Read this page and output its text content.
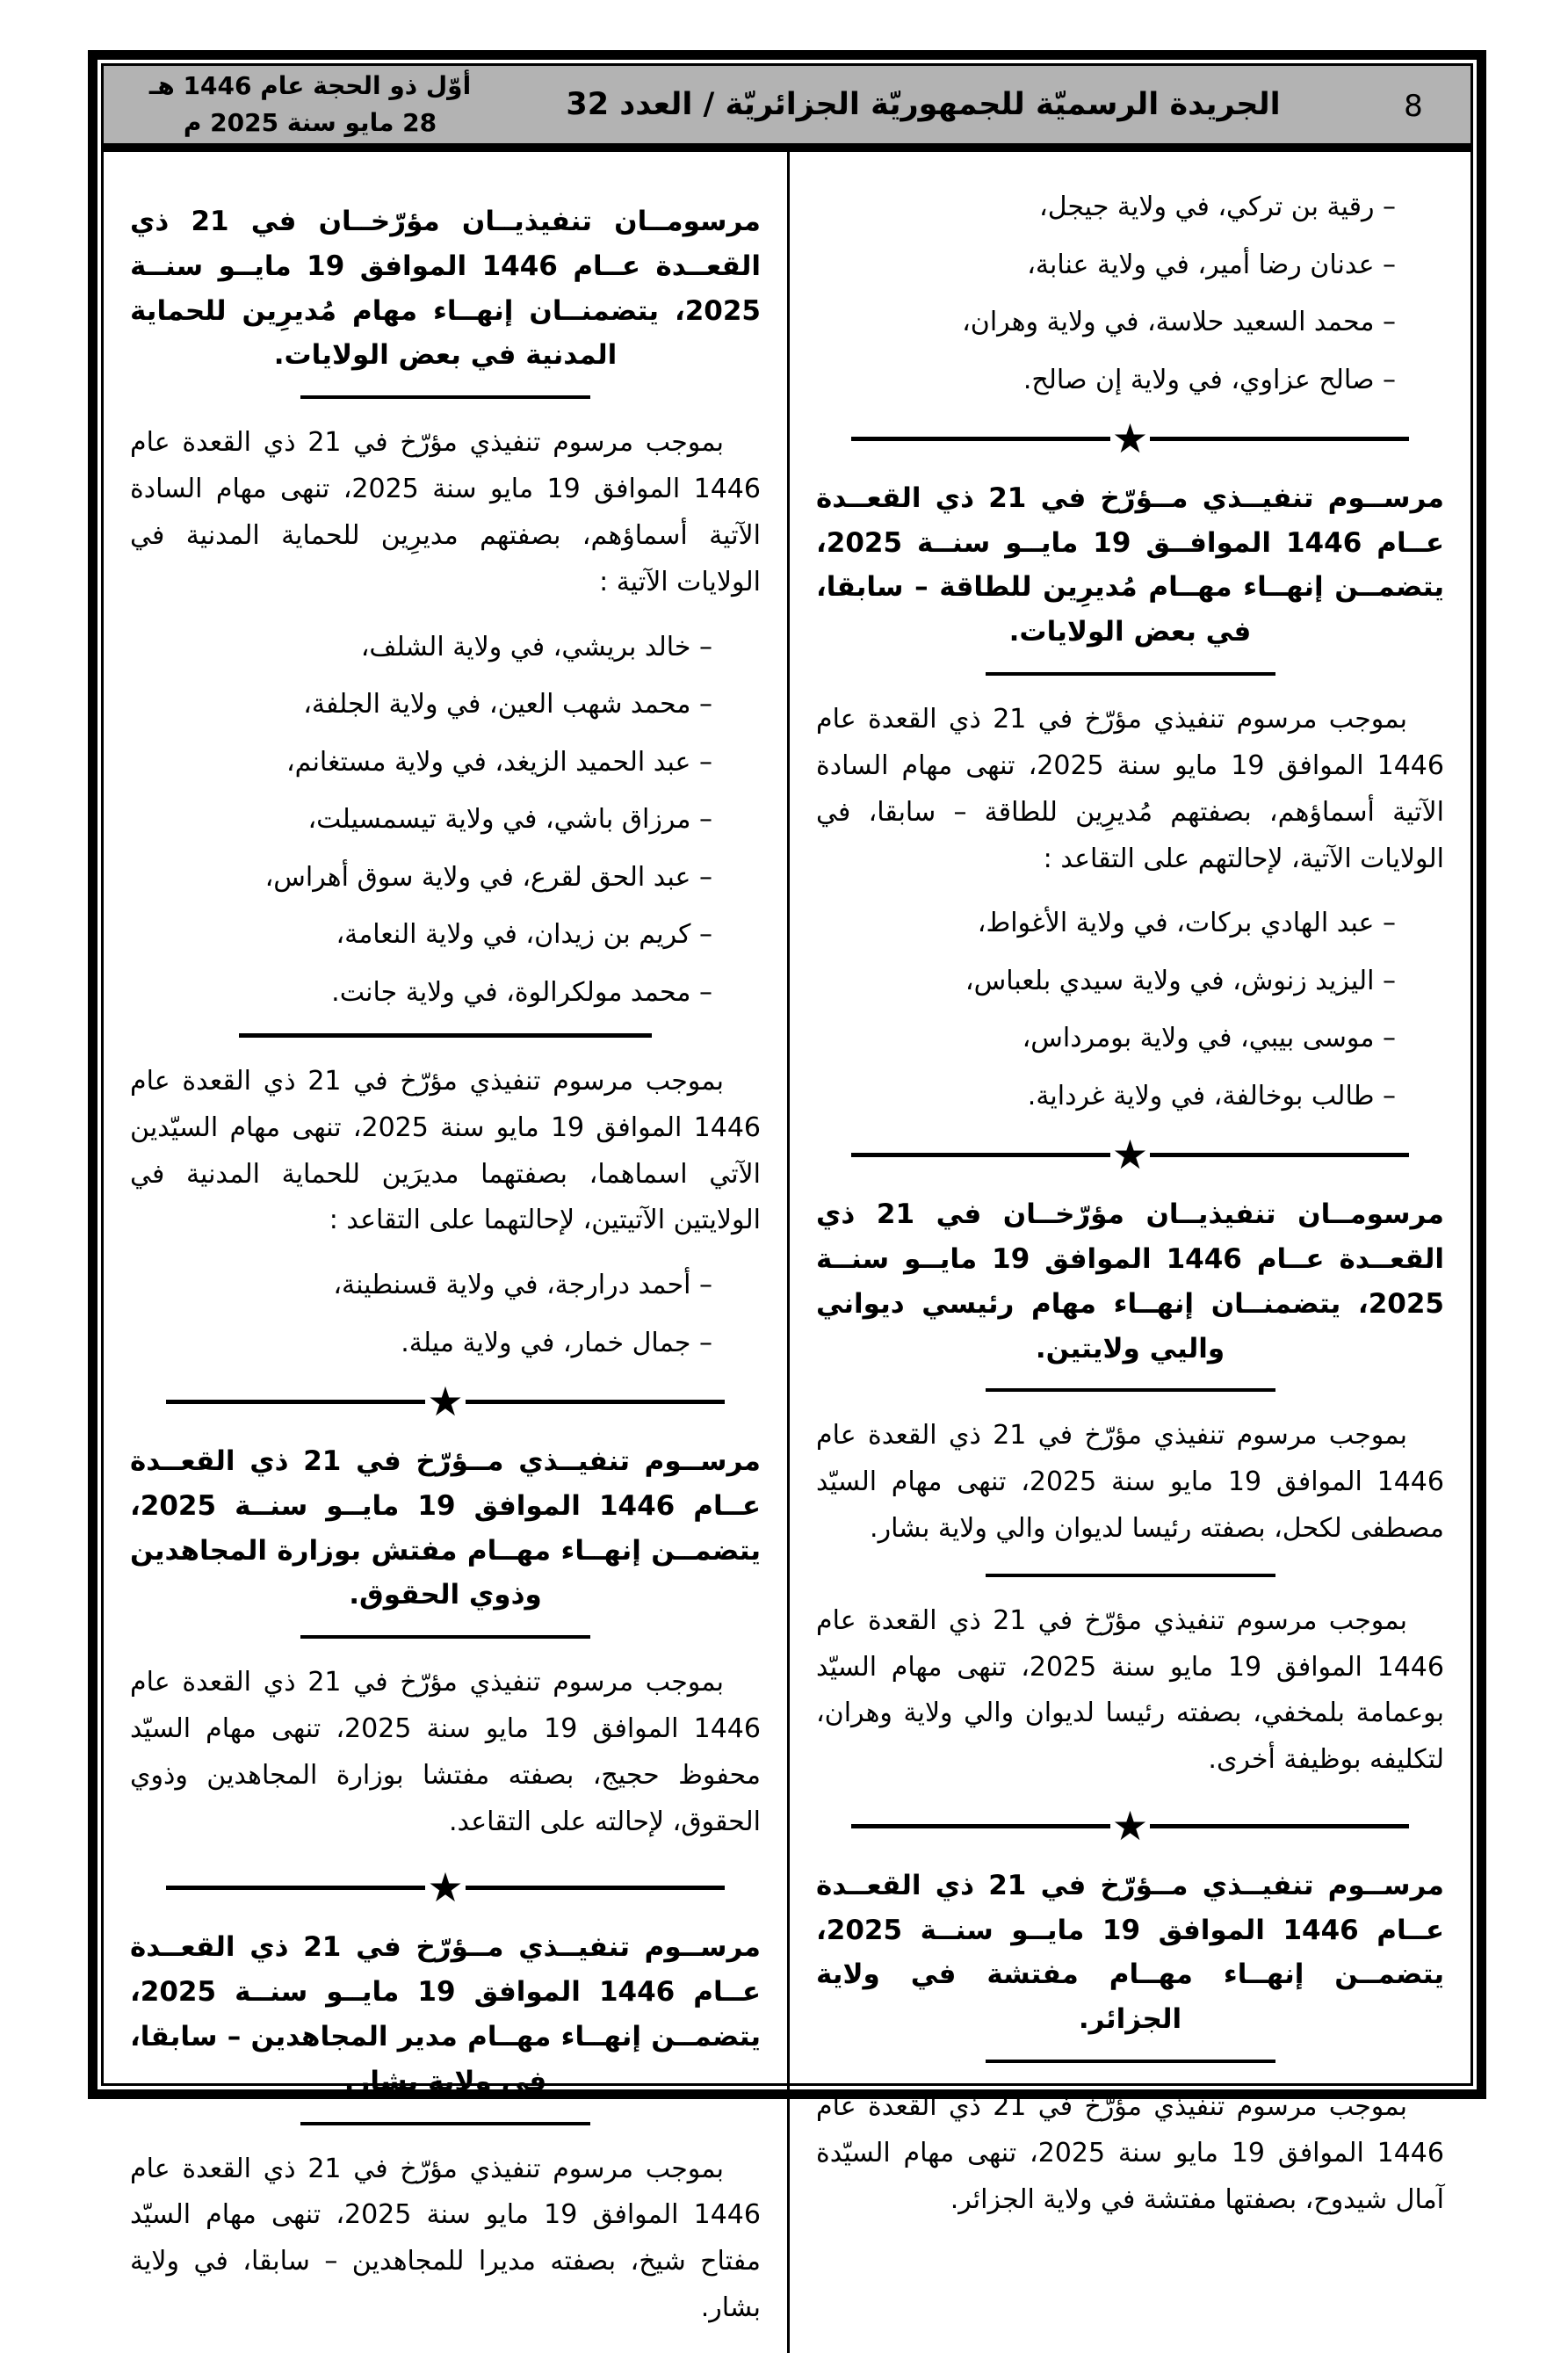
8
الجريدة الرسميّة للجمهوريّة الجزائريّة / العدد 32
أوّل ذو الحجة عام 1446 هـ
28 مايو سنة 2025 م
– رقية بن تركي، في ولاية جيجل،
– عدنان رضا أمير، في ولاية عنابة،
– محمد السعيد حلاسة، في ولاية وهران،
– صالح عزاوي، في ولاية إن صالح.
★
مرســوم تنفيــذي مــؤرّخ في 21 ذي القعــدة عــام 1446 الموافــق 19 مايــو سنــة 2025، يتضمــن إنهــاء مهــام مُديرِين للطاقة – سابقا، في بعض الولايات.

بموجب مرسوم تنفيذي مؤرّخ في 21 ذي القعدة عام 1446 الموافق 19 مايو سنة 2025، تنهى مهام السادة الآتية أسماؤهم، بصفتهم مُديرِين للطاقة – سابقا، في الولايات الآتية، لإحالتهم على التقاعد :

– عبد الهادي بركات، في ولاية الأغواط،
– اليزيد زنوش، في ولاية سيدي بلعباس،
– موسى بيبي، في ولاية بومرداس،
– طالب بوخالفة، في ولاية غرداية.
★
مرسومــان تنفيذيــان مؤرّخــان في 21 ذي القعــدة عــام 1446 الموافق 19 مايــو سنــة 2025، يتضمنــان إنهــاء مهام رئيسي ديواني واليي ولايتين.

بموجب مرسوم تنفيذي مؤرّخ في 21 ذي القعدة عام 1446 الموافق 19 مايو سنة 2025، تنهى مهام السيّد مصطفى لكحل، بصفته رئيسا لديوان والي ولاية بشار.

بموجب مرسوم تنفيذي مؤرّخ في 21 ذي القعدة عام 1446 الموافق 19 مايو سنة 2025، تنهى مهام السيّد بوعمامة بلمخفي، بصفته رئيسا لديوان والي ولاية وهران، لتكليفه بوظيفة أخرى.

★
مرســوم تنفيــذي مــؤرّخ في 21 ذي القعــدة عــام 1446 الموافق 19 مايــو سنــة 2025، يتضمــن إنهــاء مهــام مفتشة في ولاية الجزائر.

بموجب مرسوم تنفيذي مؤرّخ في 21 ذي القعدة عام 1446 الموافق 19 مايو سنة 2025، تنهى مهام السيّدة آمال شيدوح، بصفتها مفتشة في ولاية الجزائر.

مرسومــان تنفيذيــان مؤرّخــان في 21 ذي القعــدة عــام 1446 الموافق 19 مايــو سنــة 2025، يتضمنــان إنهــاء مهام مُديرِين للحماية المدنية في بعض الولايات.

بموجب مرسوم تنفيذي مؤرّخ في 21 ذي القعدة عام 1446 الموافق 19 مايو سنة 2025، تنهى مهام السادة الآتية أسماؤهم، بصفتهم مديرِين للحماية المدنية في الولايات الآتية :

– خالد بريشي، في ولاية الشلف،
– محمد شهب العين، في ولاية الجلفة،
– عبد الحميد الزيغد، في ولاية مستغانم،
– مرزاق باشي، في ولاية تيسمسيلت،
– عبد الحق لقرع، في ولاية سوق أهراس،
– كريم بن زيدان، في ولاية النعامة،
– محمد مولكرالوة، في ولاية جانت.

بموجب مرسوم تنفيذي مؤرّخ في 21 ذي القعدة عام 1446 الموافق 19 مايو سنة 2025، تنهى مهام السيّدين الآتي اسماهما، بصفتهما مديرَين للحماية المدنية في الولايتين الآتيتين، لإحالتهما على التقاعد :

– أحمد درارجة، في ولاية قسنطينة،
– جمال خمار، في ولاية ميلة.
★
مرســوم تنفيــذي مــؤرّخ في 21 ذي القعــدة عــام 1446 الموافق 19 مايــو سنــة 2025، يتضمــن إنهــاء مهــام مفتش بوزارة المجاهدين وذوي الحقوق.

بموجب مرسوم تنفيذي مؤرّخ في 21 ذي القعدة عام 1446 الموافق 19 مايو سنة 2025، تنهى مهام السيّد محفوظ حجيج، بصفته مفتشا بوزارة المجاهدين وذوي الحقوق، لإحالته على التقاعد.

★
مرســوم تنفيــذي مــؤرّخ في 21 ذي القعــدة عــام 1446 الموافق 19 مايــو سنــة 2025، يتضمــن إنهــاء مهــام مدير المجاهدين – سابقا، في ولاية بشار.

بموجب مرسوم تنفيذي مؤرّخ في 21 ذي القعدة عام 1446 الموافق 19 مايو سنة 2025، تنهى مهام السيّد مفتاح شيخ، بصفته مديرا للمجاهدين – سابقا، في ولاية بشار.
